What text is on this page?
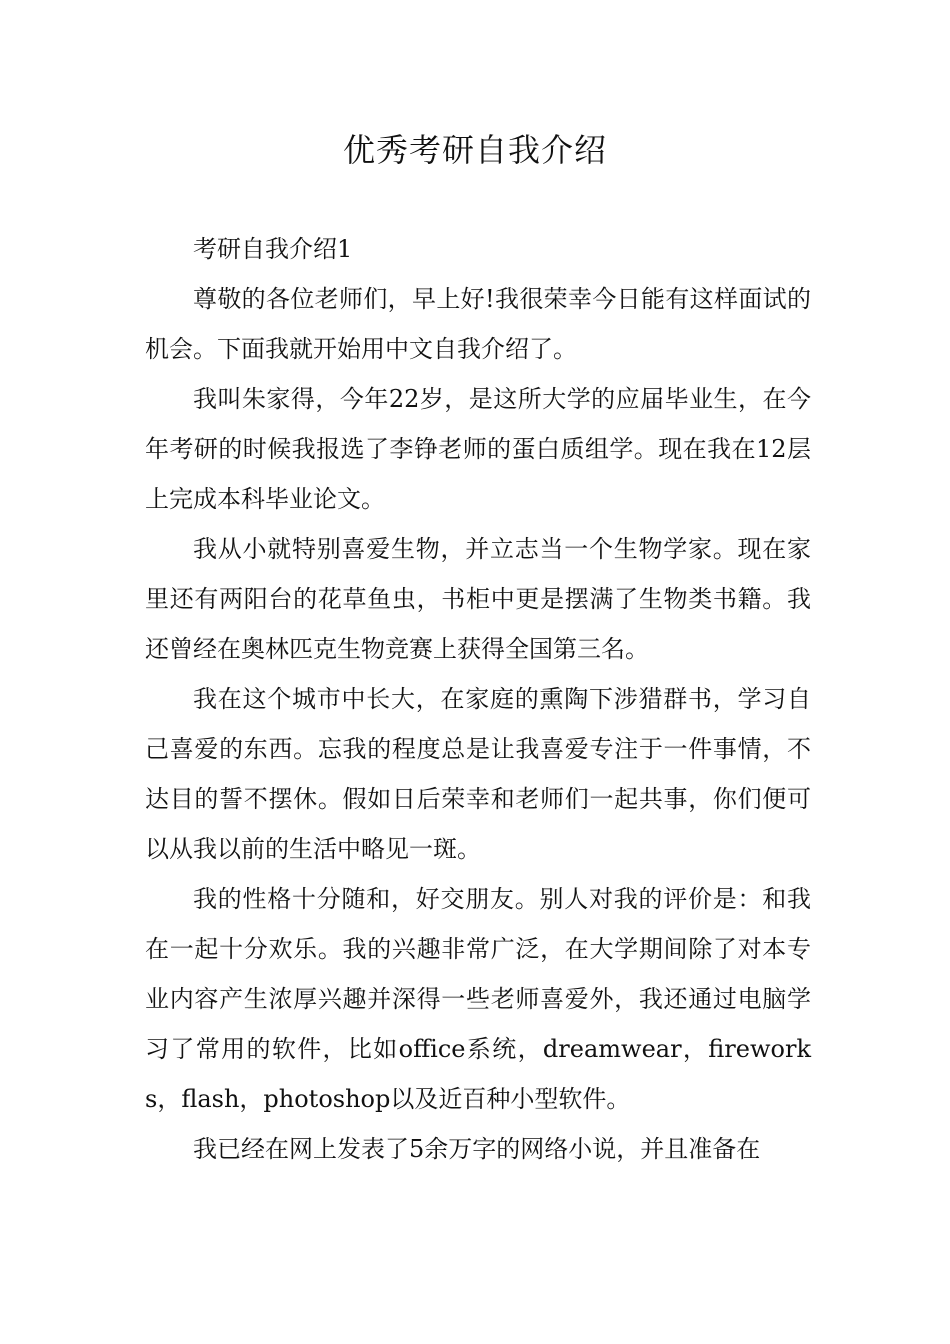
优秀考研自我介绍

考研自我介绍1

尊敬的各位老师们，早上好!我很荣幸今日能有这样面试的机会。下面我就开始用中文自我介绍了。

我叫朱家得，今年22岁，是这所大学的应届毕业生，在今年考研的时候我报选了李铮老师的蛋白质组学。现在我在12层上完成本科毕业论文。

我从小就特别喜爱生物，并立志当一个生物学家。现在家里还有两阳台的花草鱼虫，书柜中更是摆满了生物类书籍。我还曾经在奥林匹克生物竞赛上获得全国第三名。

我在这个城市中长大，在家庭的熏陶下涉猎群书，学习自己喜爱的东西。忘我的程度总是让我喜爱专注于一件事情，不达目的誓不摆休。假如日后荣幸和老师们一起共事，你们便可以从我以前的生活中略见一斑。

我的性格十分随和，好交朋友。别人对我的评价是：和我在一起十分欢乐。我的兴趣非常广泛，在大学期间除了对本专业内容产生浓厚兴趣并深得一些老师喜爱外，我还通过电脑学习了常用的软件，比如office系统，dreamwear，fireworks，flash，photoshop以及近百种小型软件。

我已经在网上发表了5余万字的网络小说，并且准备在
